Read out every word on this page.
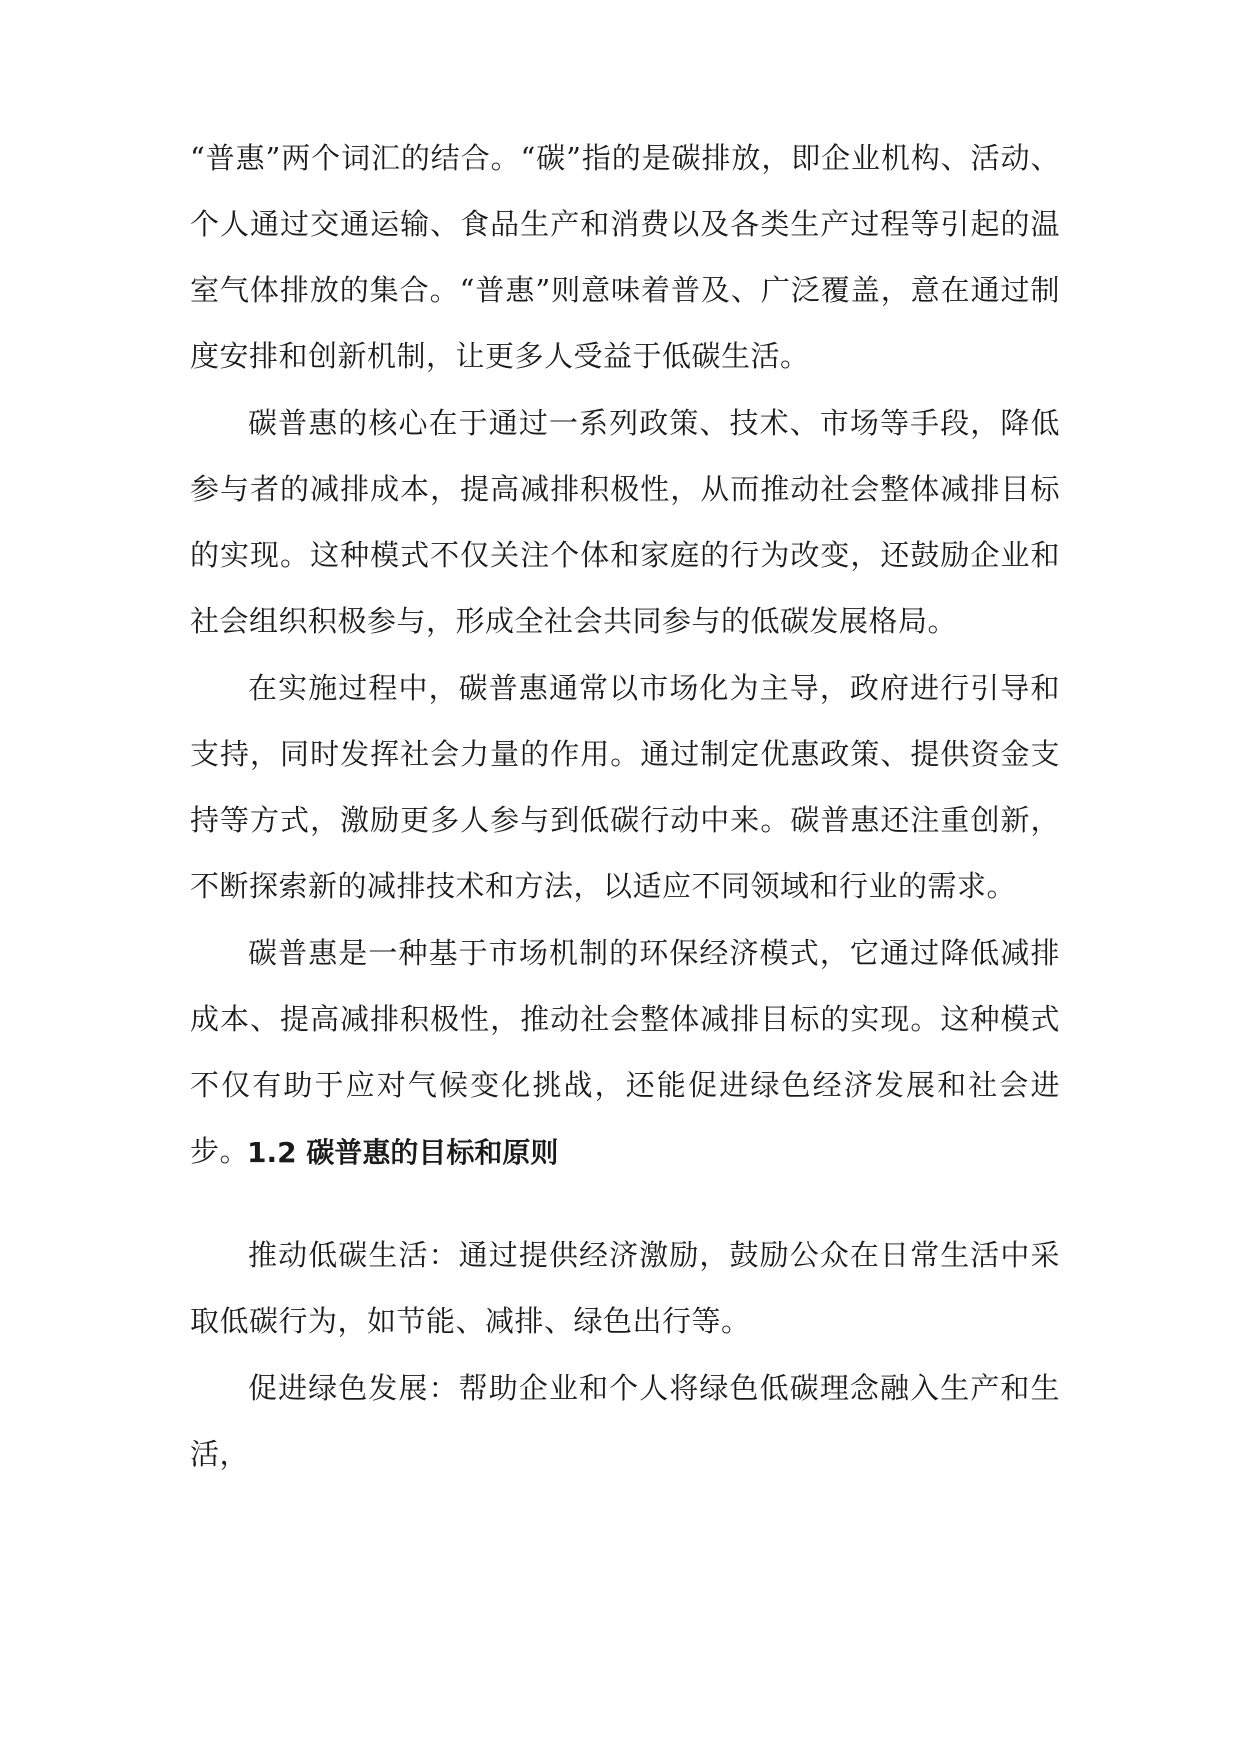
“普惠”两个词汇的结合。“碳”指的是碳排放，即企业机构、活动、个人通过交通运输、食品生产和消费以及各类生产过程等引起的温室气体排放的集合。“普惠”则意味着普及、广泛覆盖，意在通过制度安排和创新机制，让更多人受益于低碳生活。

碳普惠的核心在于通过一系列政策、技术、市场等手段，降低参与者的减排成本，提高减排积极性，从而推动社会整体减排目标的实现。这种模式不仅关注个体和家庭的行为改变，还鼓励企业和社会组织积极参与，形成全社会共同参与的低碳发展格局。

在实施过程中，碳普惠通常以市场化为主导，政府进行引导和支持，同时发挥社会力量的作用。通过制定优惠政策、提供资金支持等方式，激励更多人参与到低碳行动中来。碳普惠还注重创新，不断探索新的减排技术和方法，以适应不同领域和行业的需求。

碳普惠是一种基于市场机制的环保经济模式，它通过降低减排成本、提高减排积极性，推动社会整体减排目标的实现。这种模式不仅有助于应对气候变化挑战，还能促进绿色经济发展和社会进步。

1.2 碳普惠的目标和原则

推动低碳生活：通过提供经济激励，鼓励公众在日常生活中采取低碳行为，如节能、减排、绿色出行等。

促进绿色发展：帮助企业和个人将绿色低碳理念融入生产和生活，
